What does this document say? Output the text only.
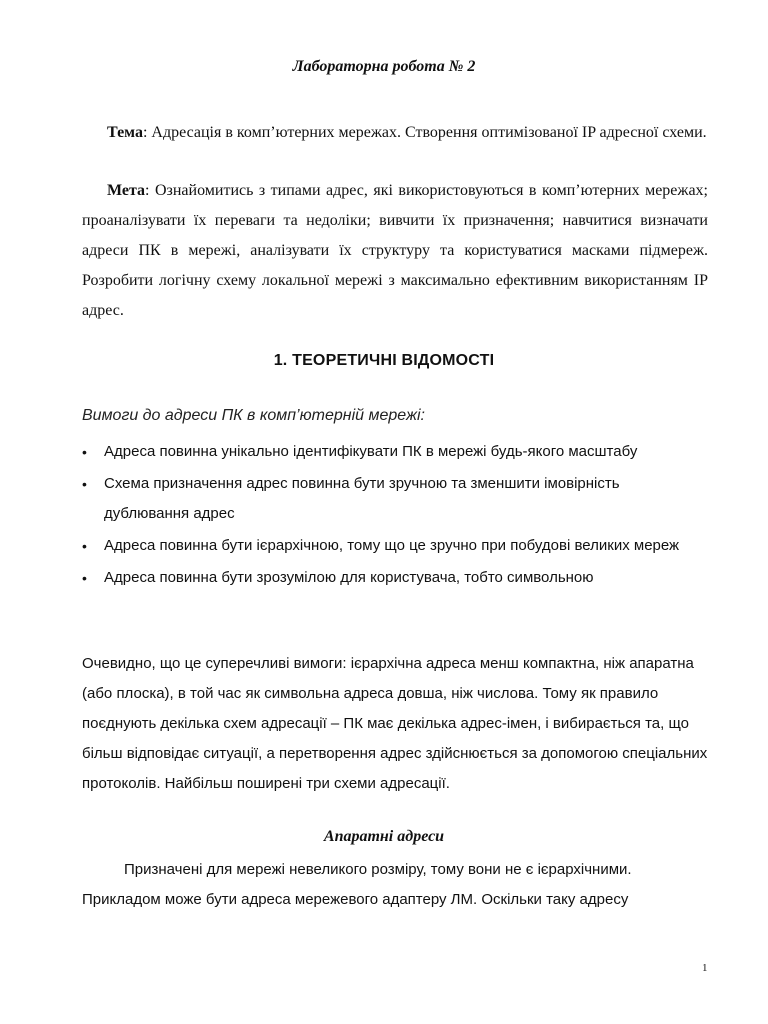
Лабораторна робота № 2

Тема: Адресація в комп’ютерних мережах. Створення оптимізованої IP адресної схеми.

Мета: Ознайомитись з типами адрес, які використовуються в комп’ютерних мережах; проаналізувати їх переваги та недоліки; вивчити їх призначення; навчитися визначати адреси ПК в мережі, аналізувати їх структуру та користуватися масками підмереж. Розробити логічну схему локальної мережі з максимально ефективним використанням IP адрес.

1. ТЕОРЕТИЧНІ ВІДОМОСТІ

Вимоги до адреси ПК в комп’ютерній мережі:

• Адреса повинна унікально ідентифікувати ПК в мережі будь-якого масштабу
• Схема призначення адрес повинна бути зручною та зменшити імовірність дублювання адрес
• Адреса повинна бути ієрархічною, тому що це зручно при побудові великих мереж
• Адреса повинна бути зрозумілою для користувача, тобто символьною

Очевидно, що це суперечливі вимоги: ієрархічна адреса менш компактна, ніж апаратна (або плоска), в той час як символьна адреса довша, ніж числова. Тому як правило поєднують декілька схем адресації – ПК має декілька адрес-імен, і вибирається та, що більш відповідає ситуації, а перетворення адрес здійснюється за допомогою спеціальних протоколів. Найбільш поширені три схеми адресації.

Апаратні адреси

Призначені для мережі невеликого розміру, тому вони не є ієрархічними. Прикладом може бути адреса мережевого адаптеру ЛМ. Оскільки таку адресу

1
